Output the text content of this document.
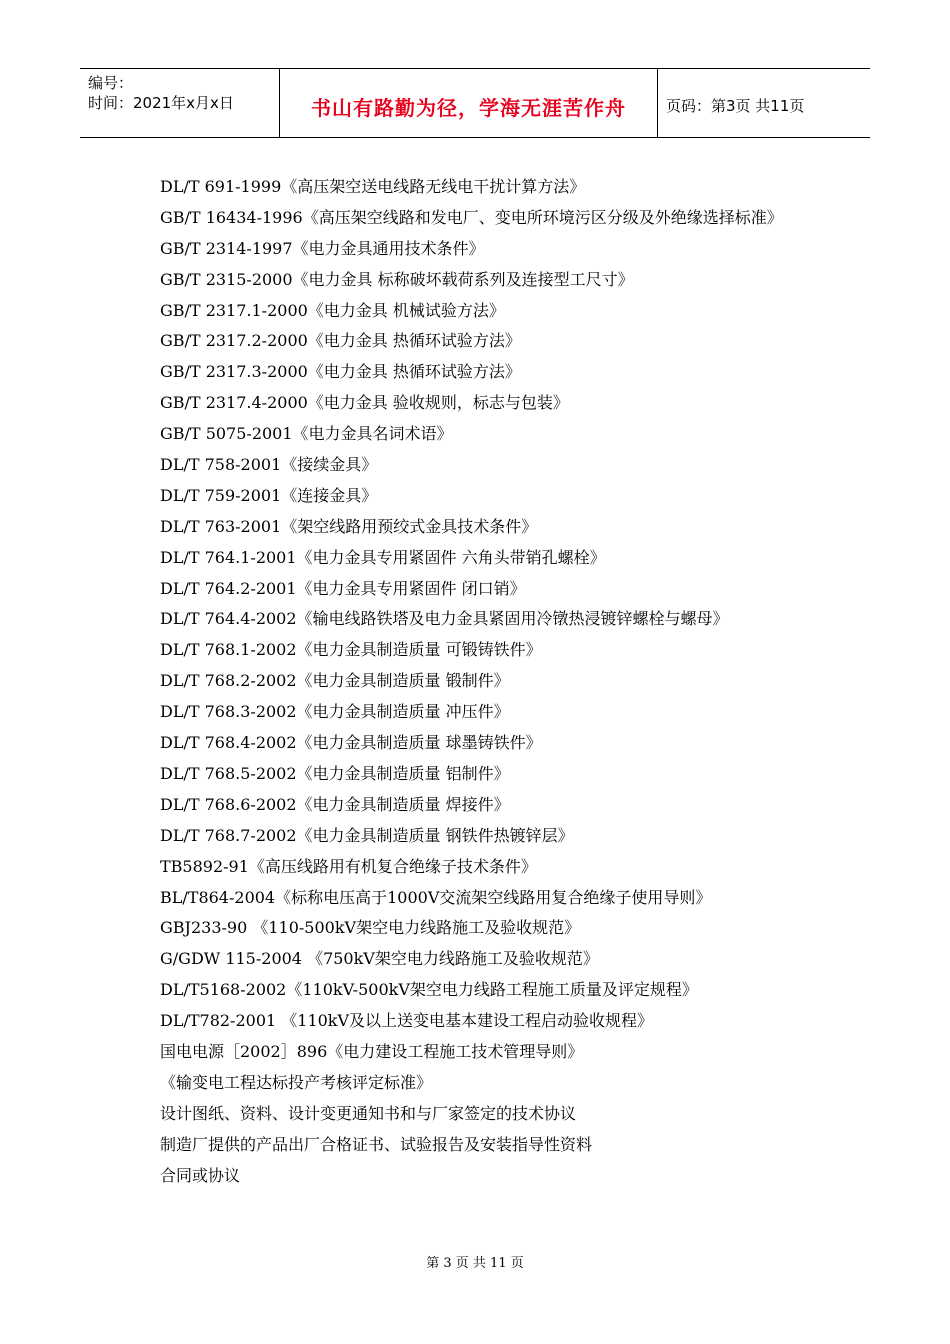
编号：
时间：2021年x月x日	书山有路勤为径，学海无涯苦作舟	页码：第3页 共11页
DL/T 691-1999《高压架空送电线路无线电干扰计算方法》
GB/T 16434-1996《高压架空线路和发电厂、变电所环境污区分级及外绝缘选择标准》
GB/T 2314-1997《电力金具通用技术条件》
GB/T 2315-2000《电力金具 标称破坏载荷系列及连接型工尺寸》
GB/T 2317.1-2000《电力金具 机械试验方法》
GB/T 2317.2-2000《电力金具 热循环试验方法》
GB/T 2317.3-2000《电力金具 热循环试验方法》
GB/T 2317.4-2000《电力金具 验收规则，标志与包装》
GB/T 5075-2001《电力金具名词术语》
DL/T 758-2001《接续金具》
DL/T 759-2001《连接金具》
DL/T 763-2001《架空线路用预绞式金具技术条件》
DL/T 764.1-2001《电力金具专用紧固件 六角头带销孔螺栓》
DL/T 764.2-2001《电力金具专用紧固件 闭口销》
DL/T 764.4-2002《输电线路铁塔及电力金具紧固用冷镦热浸镀锌螺栓与螺母》
DL/T 768.1-2002《电力金具制造质量 可锻铸铁件》
DL/T 768.2-2002《电力金具制造质量 锻制件》
DL/T 768.3-2002《电力金具制造质量 冲压件》
DL/T 768.4-2002《电力金具制造质量 球墨铸铁件》
DL/T 768.5-2002《电力金具制造质量 铝制件》
DL/T 768.6-2002《电力金具制造质量 焊接件》
DL/T 768.7-2002《电力金具制造质量 钢铁件热镀锌层》
TB5892-91《高压线路用有机复合绝缘子技术条件》
BL/T864-2004《标称电压高于1000V交流架空线路用复合绝缘子使用导则》
GBJ233-90 《110-500kV架空电力线路施工及验收规范》
G/GDW 115-2004 《750kV架空电力线路施工及验收规范》
DL/T5168-2002《110kV-500kV架空电力线路工程施工质量及评定规程》
DL/T782-2001 《110kV及以上送变电基本建设工程启动验收规程》
国电电源［2002］896《电力建设工程施工技术管理导则》
《输变电工程达标投产考核评定标准》
设计图纸、资料、设计变更通知书和与厂家签定的技术协议
制造厂提供的产品出厂合格证书、试验报告及安装指导性资料
合同或协议
第 3 页 共 11 页
